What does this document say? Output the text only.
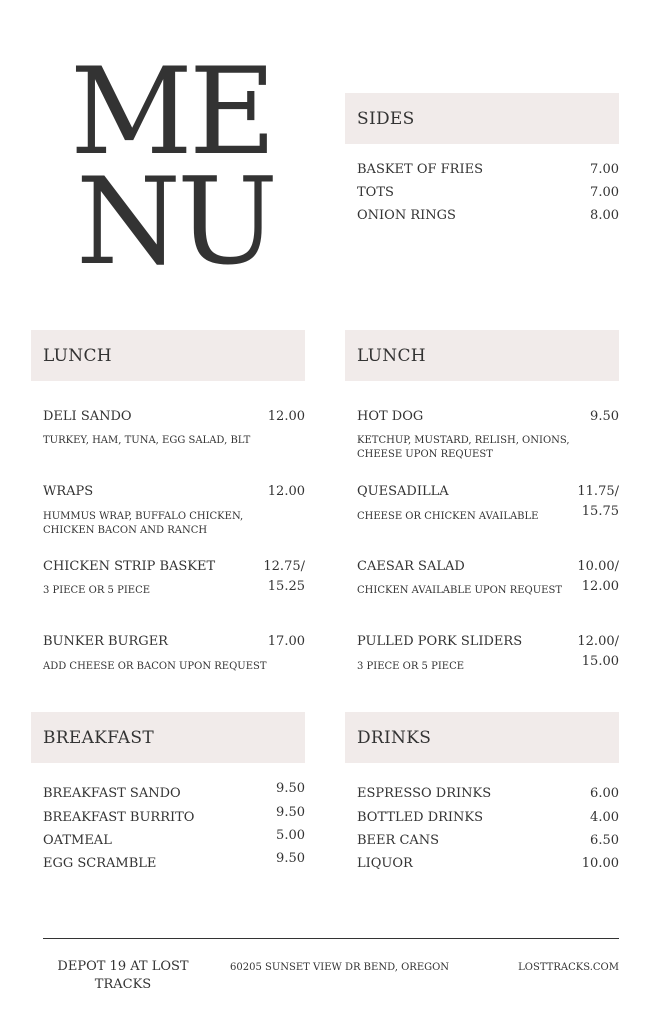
ME
NU
SIDES
BASKET OF FRIES	7.00
TOTS	7.00
ONION RINGS	8.00
LUNCH
DELI SANDO	12.00
TURKEY, HAM, TUNA, EGG SALAD, BLT
WRAPS	12.00
HUMMUS WRAP, BUFFALO CHICKEN, CHICKEN BACON AND RANCH
CHICKEN STRIP BASKET	12.75/
15.25
3 PIECE OR 5 PIECE
BUNKER BURGER	17.00
ADD CHEESE OR BACON UPON REQUEST
LUNCH
HOT DOG	9.50
KETCHUP, MUSTARD, RELISH, ONIONS, CHEESE UPON REQUEST
QUESADILLA	11.75/
15.75
CHEESE OR CHICKEN AVAILABLE
CAESAR SALAD	10.00/
12.00
CHICKEN AVAILABLE UPON REQUEST
PULLED PORK SLIDERS	12.00/
15.00
3 PIECE OR 5 PIECE
BREAKFAST
BREAKFAST SANDO	9.50
BREAKFAST BURRITO	9.50
OATMEAL	5.00
EGG SCRAMBLE	9.50
DRINKS
ESPRESSO DRINKS	6.00
BOTTLED DRINKS	4.00
BEER CANS	6.50
LIQUOR	10.00
DEPOT 19 AT LOST TRACKS
60205 SUNSET VIEW DR BEND, OREGON	LOSTTRACKS.COM
